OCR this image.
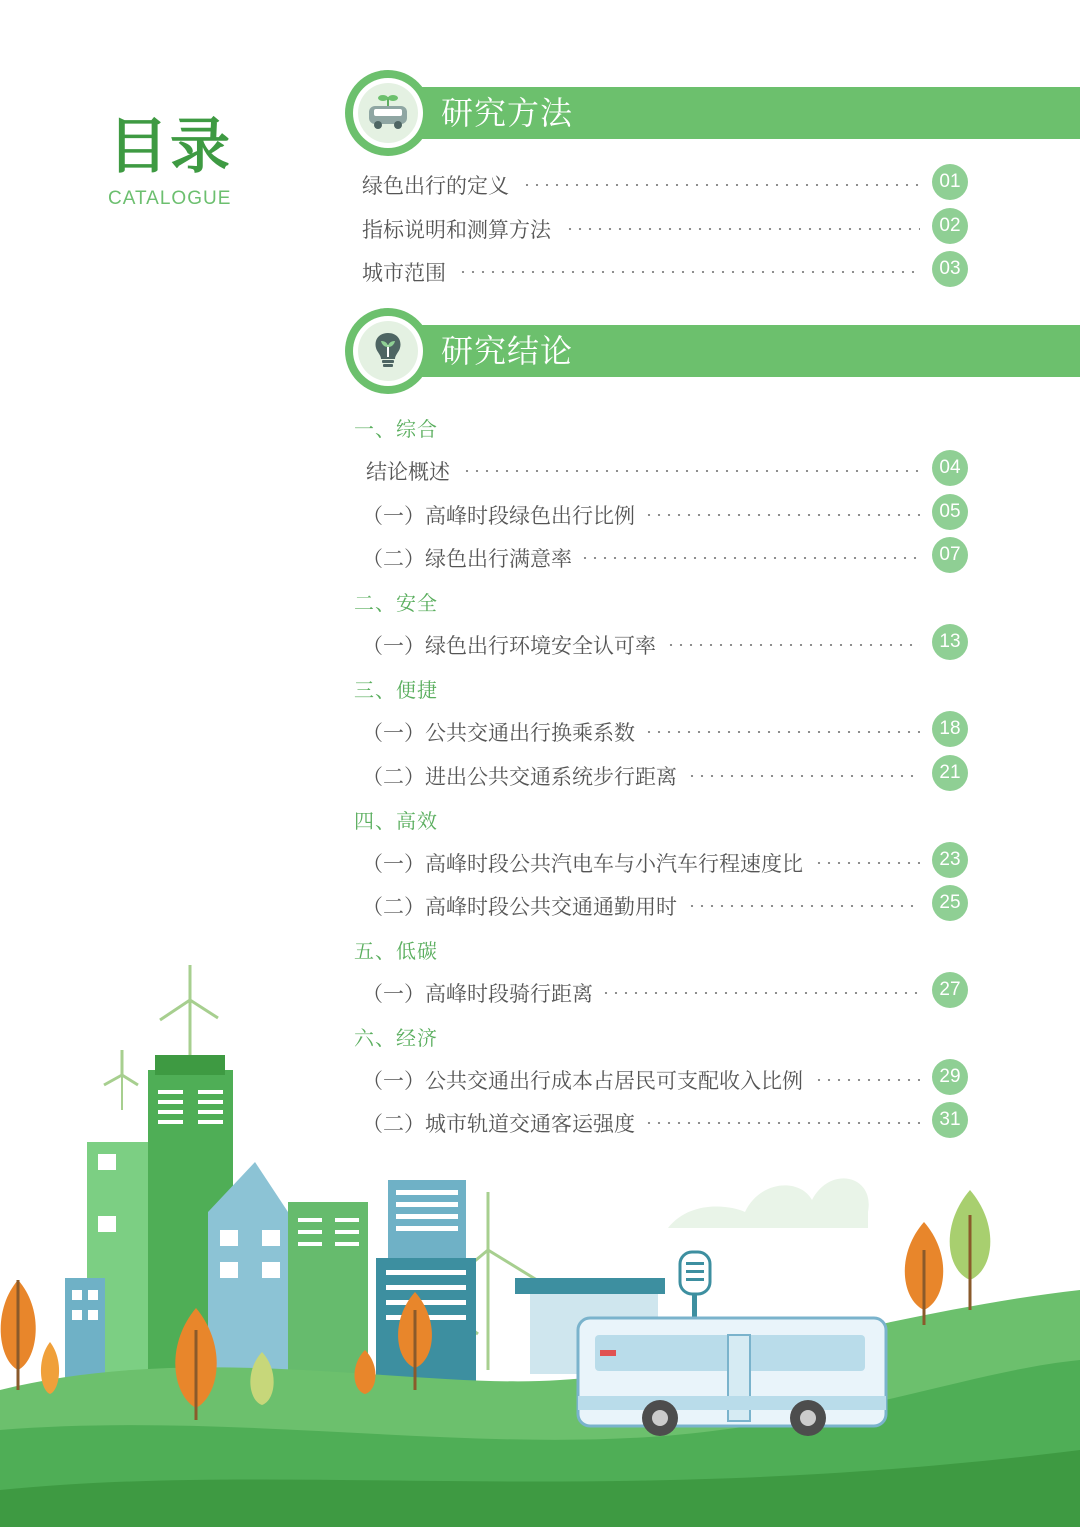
目录
CATALOGUE
研究方法
绿色出行的定义	01
指标说明和测算方法	02
城市范围	03
研究结论
一、综合
结论概述	04
（一）高峰时段绿色出行比例	05
（二）绿色出行满意率	07
二、安全
（一）绿色出行环境安全认可率	13
三、便捷
（一）公共交通出行换乘系数	18
（二）进出公共交通系统步行距离	21
四、高效
（一）高峰时段公共汽电车与小汽车行程速度比	23
（二）高峰时段公共交通通勤用时	25
五、低碳
（一）高峰时段骑行距离	27
六、经济
（一）公共交通出行成本占居民可支配收入比例	29
（二）城市轨道交通客运强度	31
